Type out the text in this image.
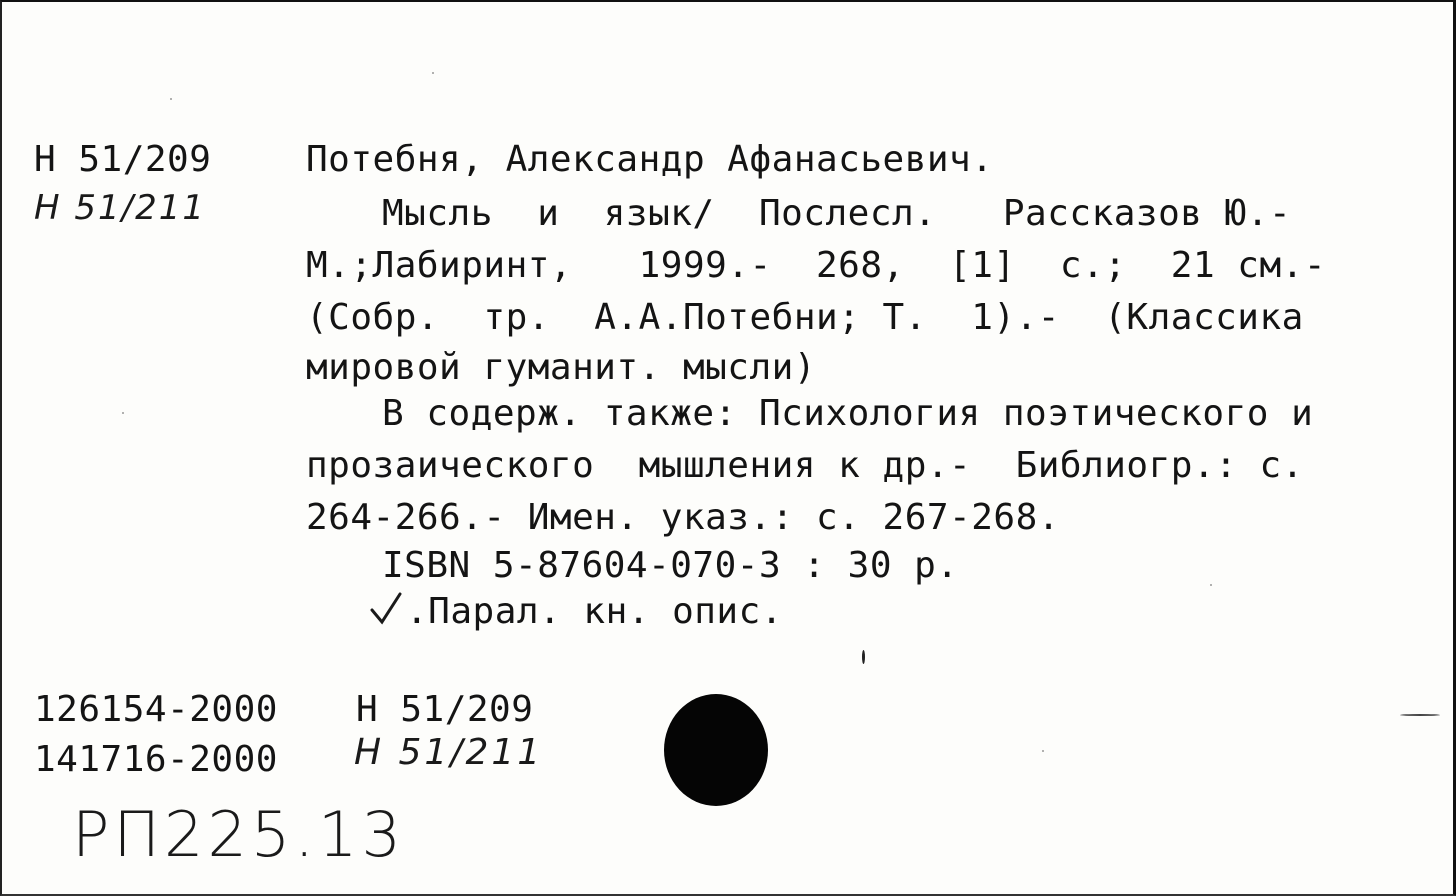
Н 51/209
Н 51/211
Потебня, Александр Афанасьевич.
Мысль  и  язык/  Послесл.   Рассказов Ю.-
М.;Лабиринт,   1999.-  268,  [1]  с.;  21 см.-
(Собр.  тр.  А.А.Потебни; Т.  1).-  (Классика
мировой гуманит. мысли)
В содерж. также: Психология поэтического и
прозаического  мышления к др.-  Библиогр.: с.
264-266.- Имен. указ.: с. 267-268.
ISBN 5-87604-070-3 : 30 р.
.Парал. кн. опис.
126154-2000 Н 51/209
141716-2000 Н 51/211
РП225.13
